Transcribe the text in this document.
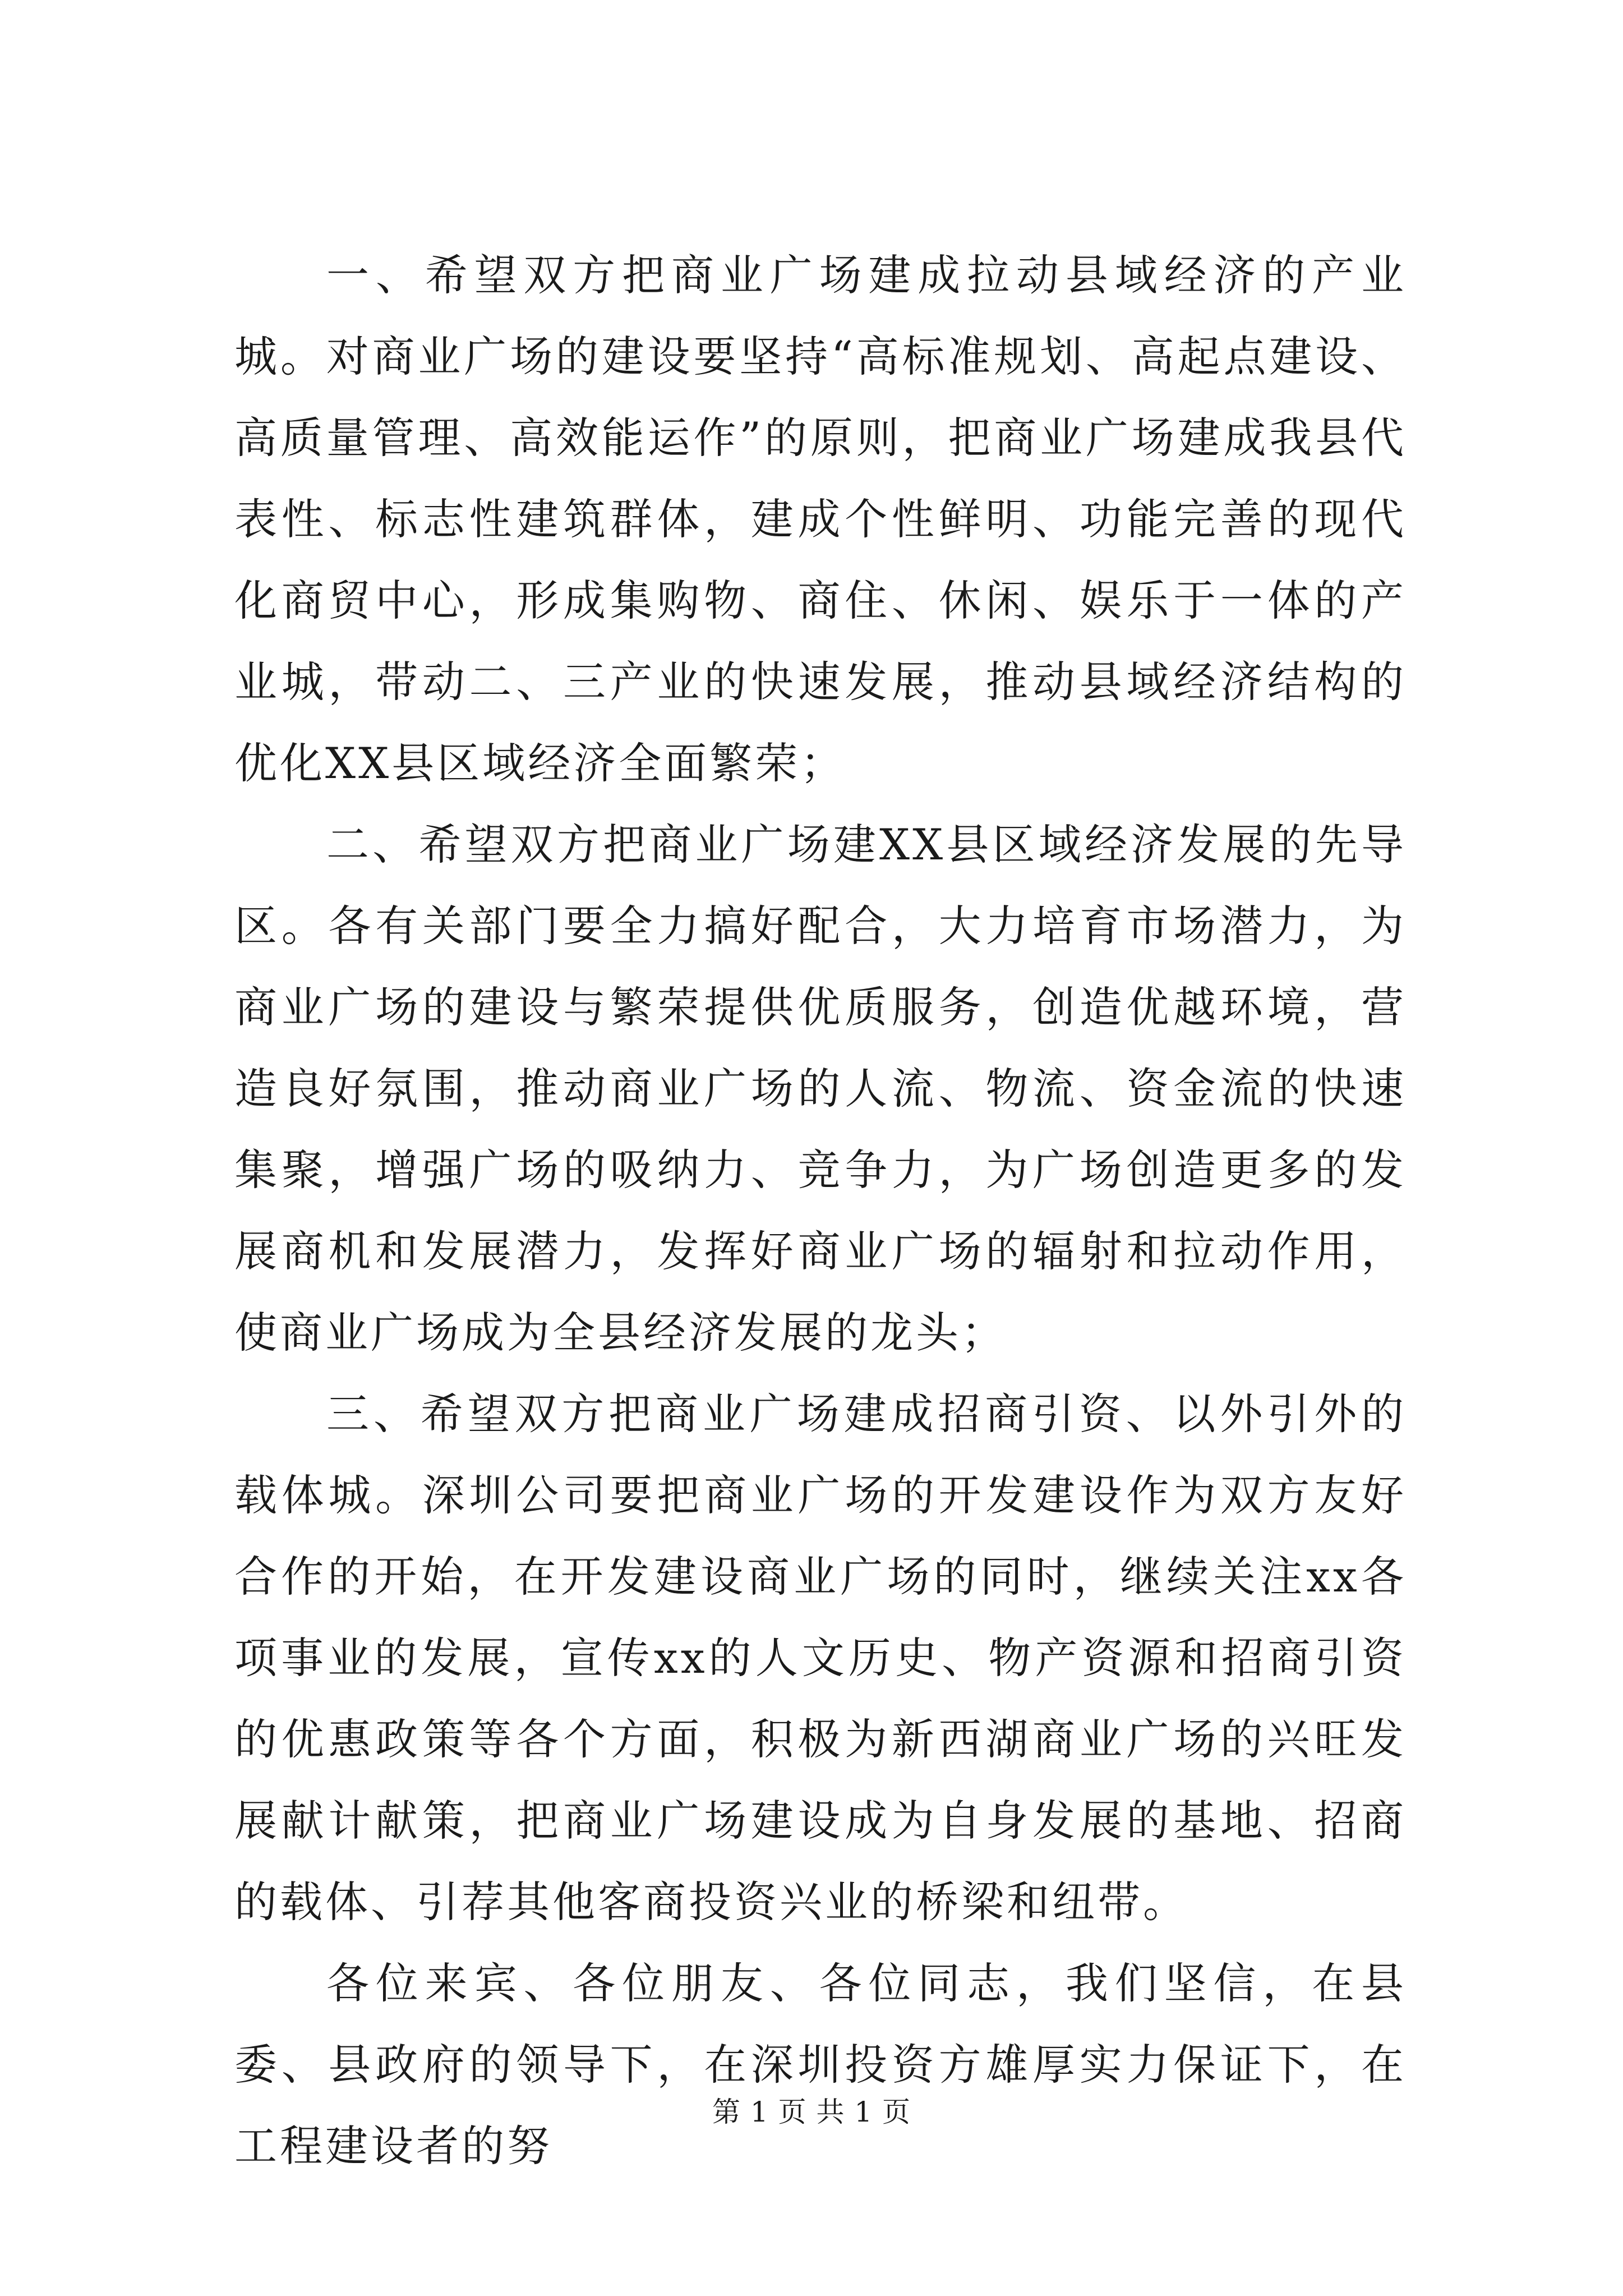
一、希望双方把商业广场建成拉动县域经济的产业城。对商业广场的建设要坚持“高标准规划、高起点建设、高质量管理、高效能运作”的原则，把商业广场建成我县代表性、标志性建筑群体，建成个性鲜明、功能完善的现代化商贸中心，形成集购物、商住、休闲、娱乐于一体的产业城，带动二、三产业的快速发展，推动县域经济结构的优化XX县区域经济全面繁荣；

二、希望双方把商业广场建XX县区域经济发展的先导区。各有关部门要全力搞好配合，大力培育市场潜力，为商业广场的建设与繁荣提供优质服务，创造优越环境，营造良好氛围，推动商业广场的人流、物流、资金流的快速集聚，增强广场的吸纳力、竞争力，为广场创造更多的发展商机和发展潜力，发挥好商业广场的辐射和拉动作用，使商业广场成为全县经济发展的龙头；

三、希望双方把商业广场建成招商引资、以外引外的载体城。深圳公司要把商业广场的开发建设作为双方友好合作的开始，在开发建设商业广场的同时，继续关注xx各项事业的发展，宣传xx的人文历史、物产资源和招商引资的优惠政策等各个方面，积极为新西湖商业广场的兴旺发展献计献策，把商业广场建设成为自身发展的基地、招商的载体、引荐其他客商投资兴业的桥梁和纽带。

各位来宾、各位朋友、各位同志，我们坚信，在县委、县政府的领导下，在深圳投资方雄厚实力保证下，在工程建设者的努

第 1 页 共 1 页
